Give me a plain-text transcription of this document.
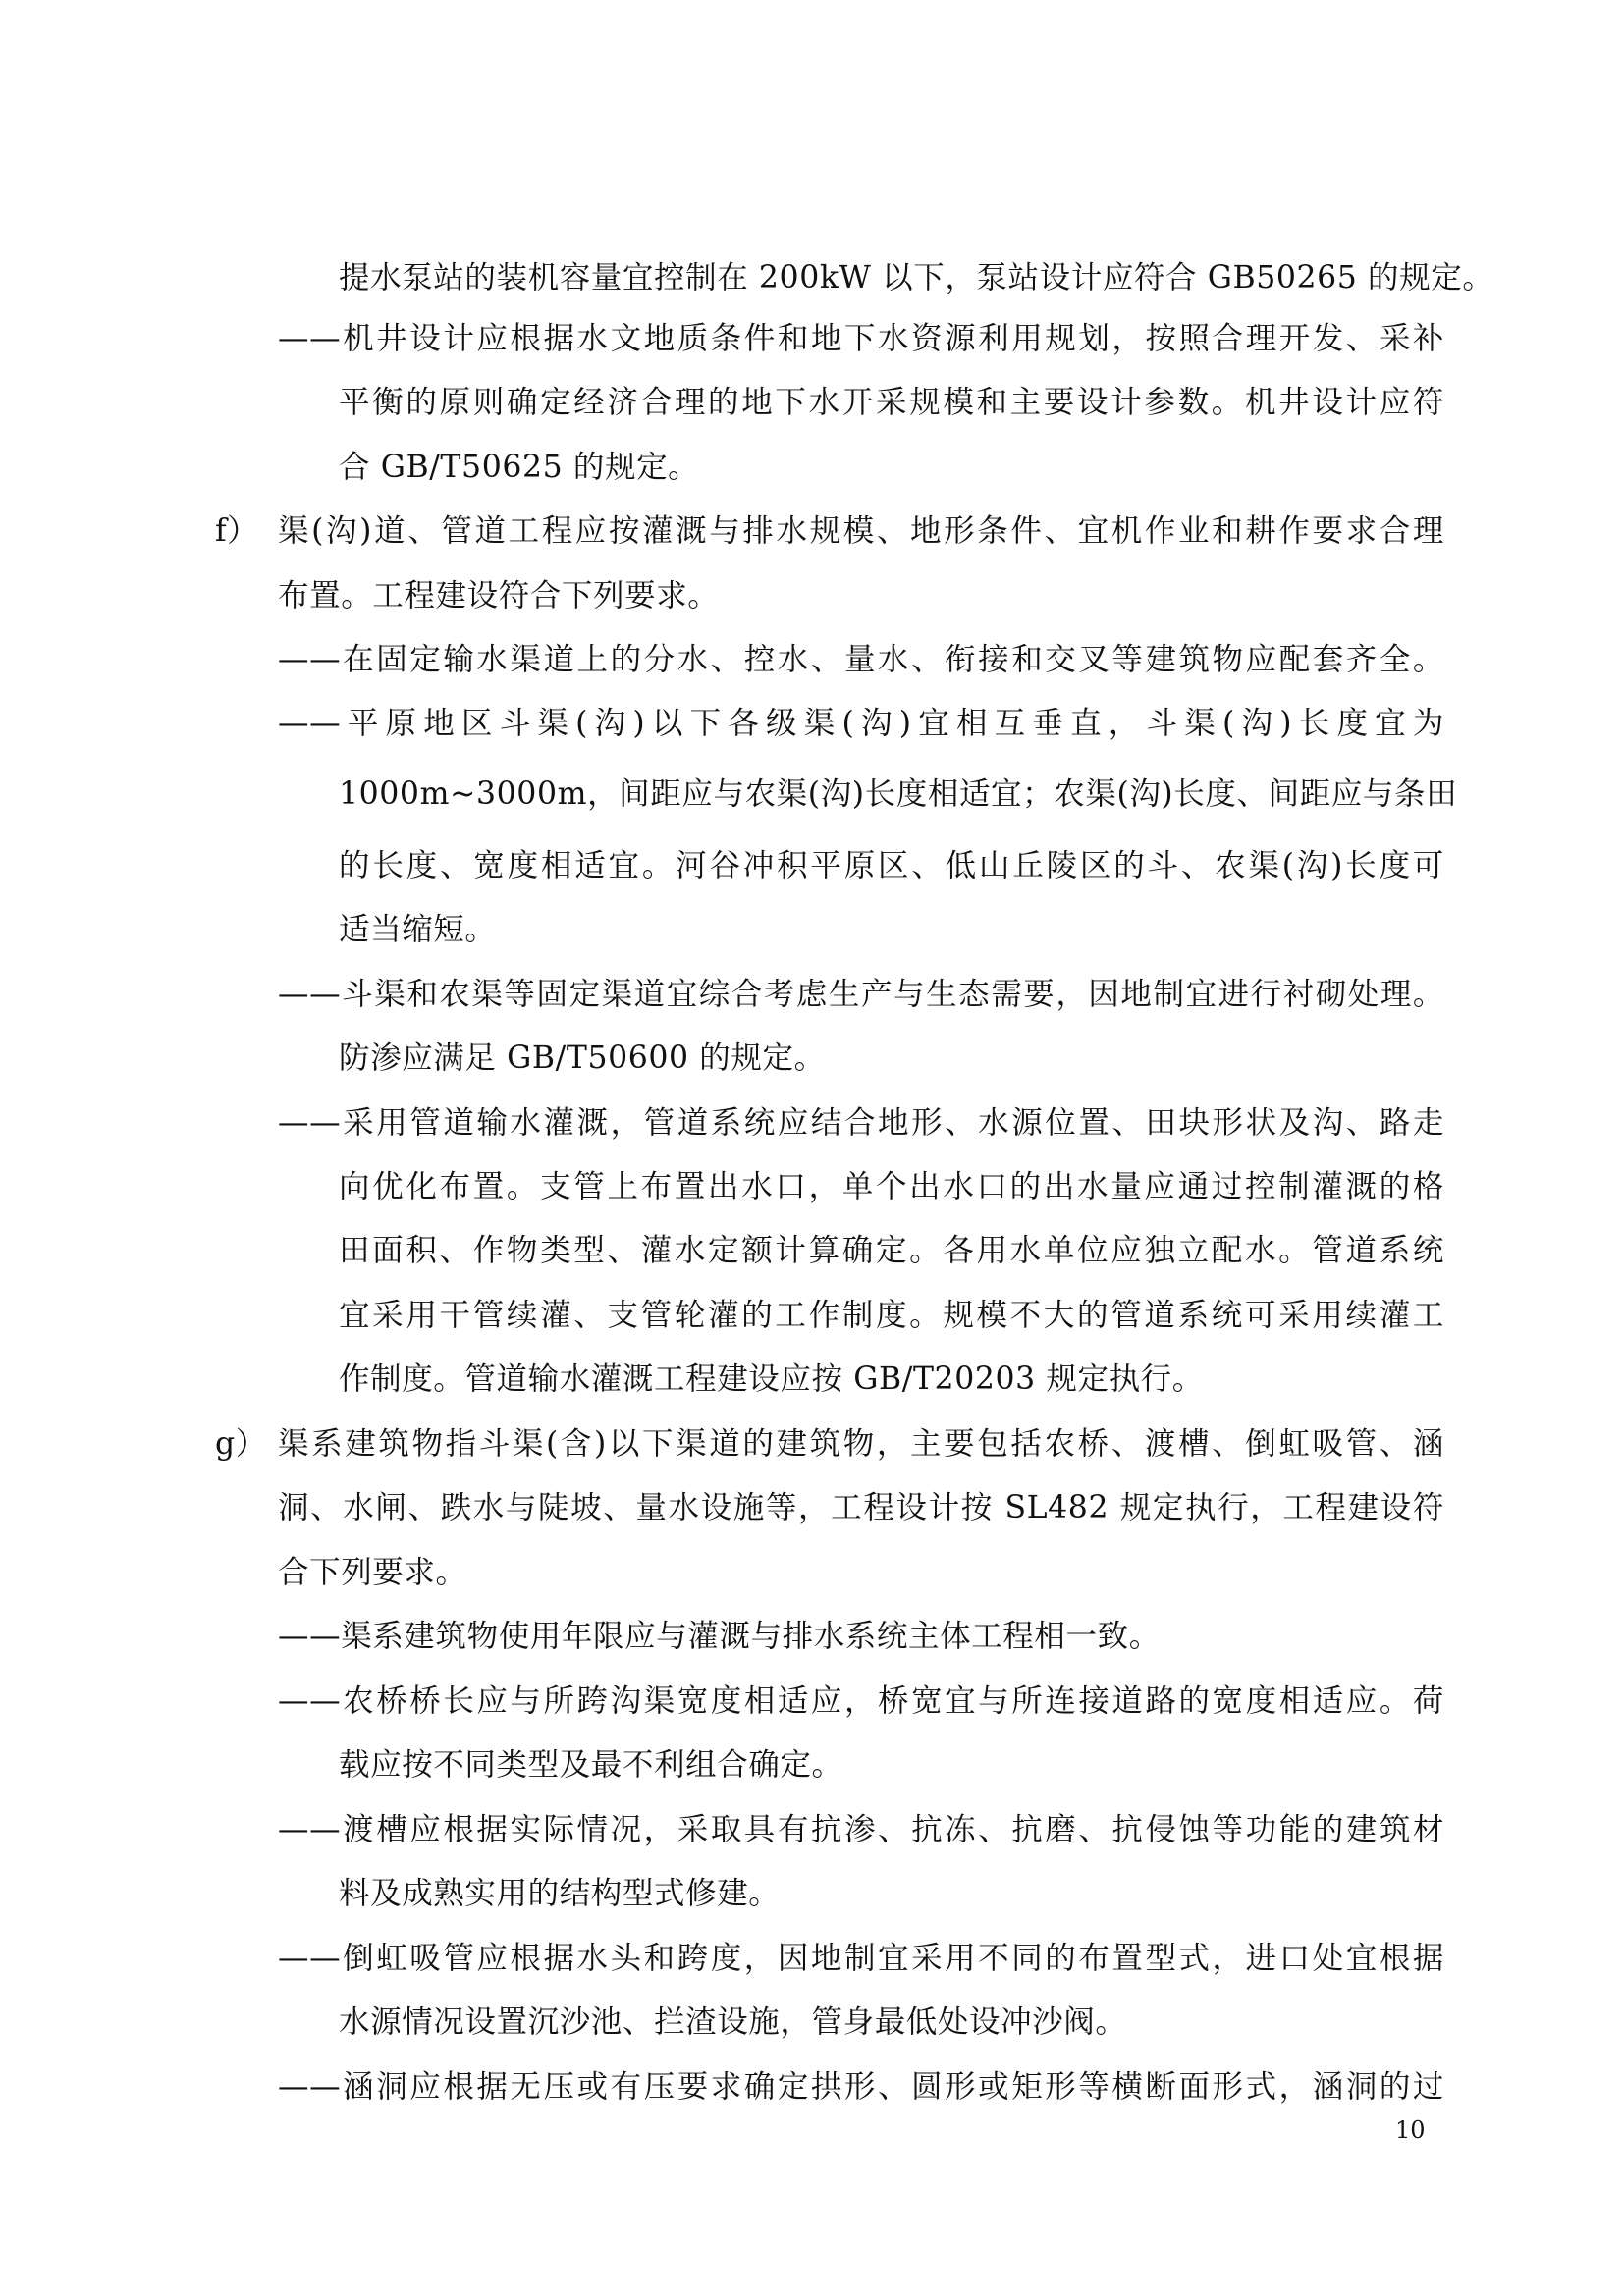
提水泵站的装机容量宜控制在 200kW 以下，泵站设计应符合 GB50265 的规定。
——机井设计应根据水文地质条件和地下水资源利用规划，按照合理开发、采补
平衡的原则确定经济合理的地下水开采规模和主要设计参数。机井设计应符
合 GB/T50625 的规定。
f） 渠(沟)道、管道工程应按灌溉与排水规模、地形条件、宜机作业和耕作要求合理
布置。工程建设符合下列要求。
——在固定输水渠道上的分水、控水、量水、衔接和交叉等建筑物应配套齐全。
——平原地区斗渠(沟)以下各级渠(沟)宜相互垂直，斗渠(沟)长度宜为
1000m~3000m，间距应与农渠(沟)长度相适宜；农渠(沟)长度、间距应与条田
的长度、宽度相适宜。河谷冲积平原区、低山丘陵区的斗、农渠(沟)长度可
适当缩短。
——斗渠和农渠等固定渠道宜综合考虑生产与生态需要，因地制宜进行衬砌处理。
防渗应满足 GB/T50600 的规定。
——采用管道输水灌溉，管道系统应结合地形、水源位置、田块形状及沟、路走
向优化布置。支管上布置出水口，单个出水口的出水量应通过控制灌溉的格
田面积、作物类型、灌水定额计算确定。各用水单位应独立配水。管道系统
宜采用干管续灌、支管轮灌的工作制度。规模不大的管道系统可采用续灌工
作制度。管道输水灌溉工程建设应按 GB/T20203 规定执行。
g） 渠系建筑物指斗渠(含)以下渠道的建筑物，主要包括农桥、渡槽、倒虹吸管、涵
洞、水闸、跌水与陡坡、量水设施等，工程设计按 SL482 规定执行，工程建设符
合下列要求。
——渠系建筑物使用年限应与灌溉与排水系统主体工程相一致。
——农桥桥长应与所跨沟渠宽度相适应，桥宽宜与所连接道路的宽度相适应。荷
载应按不同类型及最不利组合确定。
——渡槽应根据实际情况，采取具有抗渗、抗冻、抗磨、抗侵蚀等功能的建筑材
料及成熟实用的结构型式修建。
——倒虹吸管应根据水头和跨度，因地制宜采用不同的布置型式，进口处宜根据
水源情况设置沉沙池、拦渣设施，管身最低处设冲沙阀。
——涵洞应根据无压或有压要求确定拱形、圆形或矩形等横断面形式，涵洞的过
10
